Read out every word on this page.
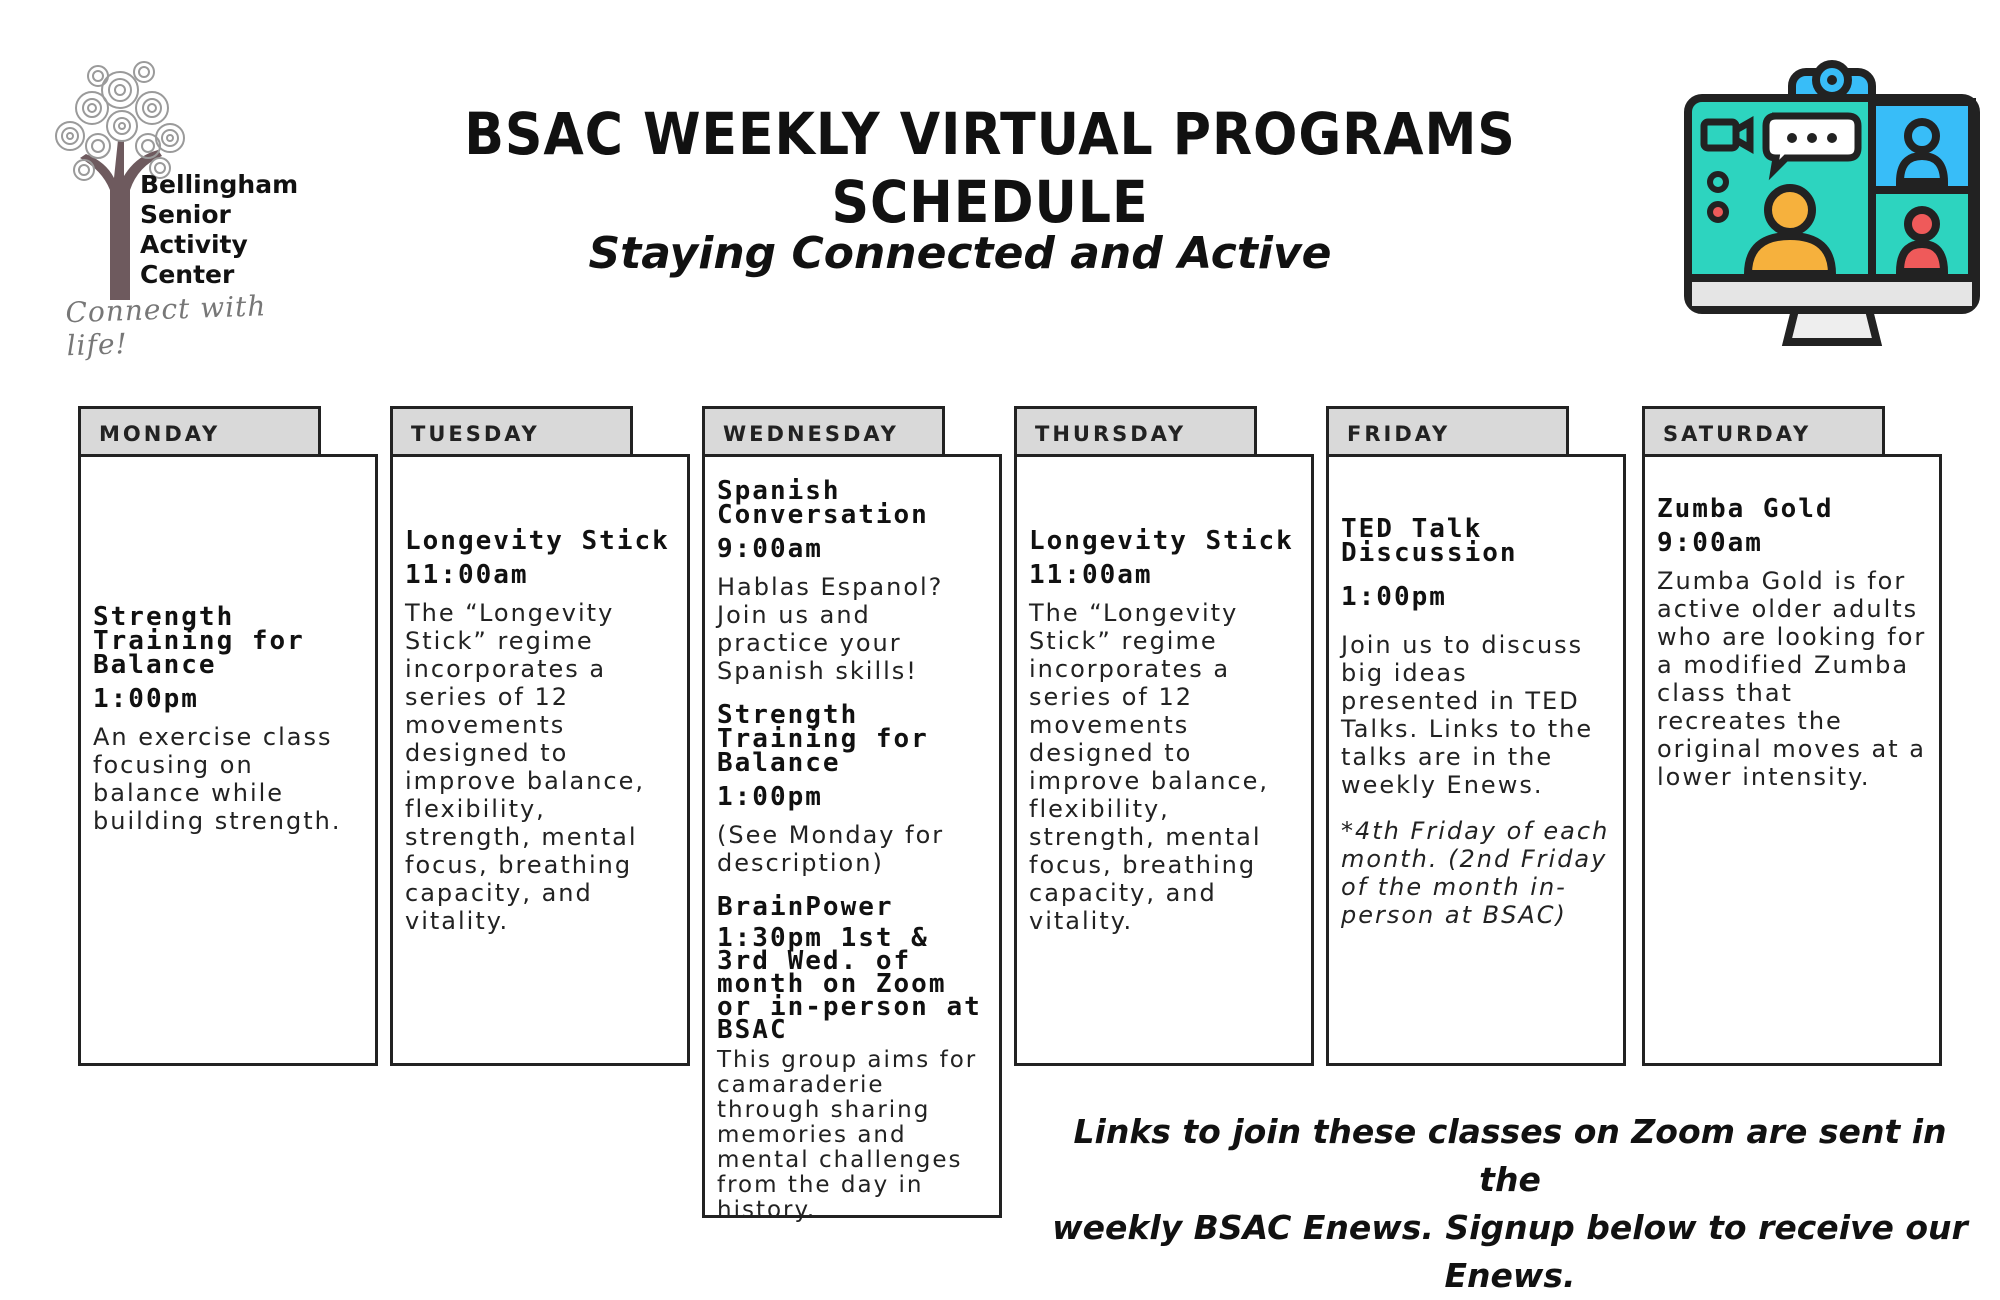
Bellingham
Senior
Activity
Center
Connect with life!
BSAC WEEKLY VIRTUAL PROGRAMS SCHEDULE
Staying Connected and Active
MONDAY
Strength Training for Balance
1:00pm
An exercise class focusing on balance while building strength.
TUESDAY
Longevity Stick
11:00am
The “Longevity Stick” regime incorporates a series of 12 movements designed to improve balance, flexibility, strength, mental focus, breathing capacity, and vitality.
WEDNESDAY
Spanish Conversation
9:00am
Hablas Espanol? Join us and practice your Spanish skills!
Strength Training for Balance
1:00pm
(See Monday for description)
BrainPower
1:30pm 1st & 3rd Wed. of month on Zoom or in-person at BSAC
This group aims for camaraderie through sharing memories and mental challenges from the day in history.
THURSDAY
Longevity Stick
11:00am
The “Longevity Stick” regime incorporates a series of 12 movements designed to improve balance, flexibility, strength, mental focus, breathing capacity, and vitality.
FRIDAY
TED Talk Discussion
1:00pm
Join us to discuss big ideas presented in TED Talks. Links to the talks are in the weekly Enews.
*4th Friday of each month. (2nd Friday of the month in-person at BSAC)
SATURDAY
Zumba Gold
9:00am
Zumba Gold is for active older adults who are looking for a modified Zumba class that recreates the original moves at a lower intensity.
Links to join these classes on Zoom are sent in the
weekly BSAC Enews. Signup below to receive our Enews.
